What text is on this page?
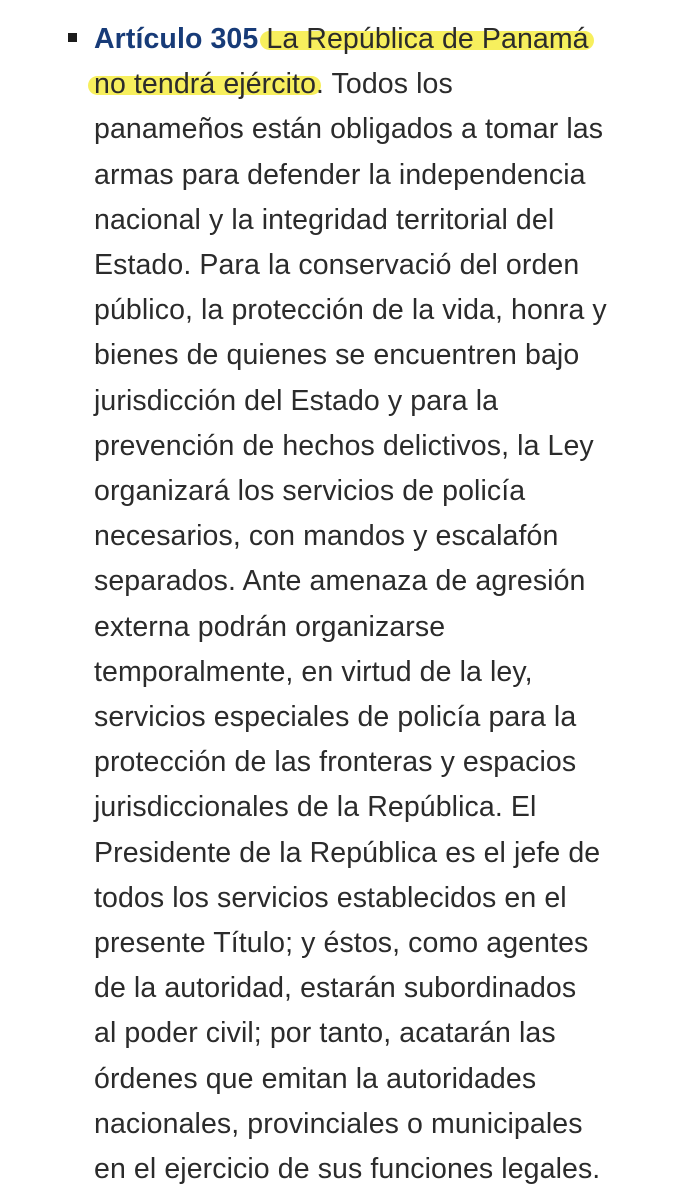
Artículo 305 La República de Panamá
no tendrá ejército. Todos los
panameños están obligados a tomar las
armas para defender la independencia
nacional y la integridad territorial del
Estado. Para la conservació del orden
público, la protección de la vida, honra y
bienes de quienes se encuentren bajo
jurisdicción del Estado y para la
prevención de hechos delictivos, la Ley
organizará los servicios de policía
necesarios, con mandos y escalafón
separados. Ante amenaza de agresión
externa podrán organizarse
temporalmente, en virtud de la ley,
servicios especiales de policía para la
protección de las fronteras y espacios
jurisdiccionales de la República. El
Presidente de la República es el jefe de
todos los servicios establecidos en el
presente Título; y éstos, como agentes
de la autoridad, estarán subordinados
al poder civil; por tanto, acatarán las
órdenes que emitan la autoridades
nacionales, provinciales o municipales
en el ejercicio de sus funciones legales.
